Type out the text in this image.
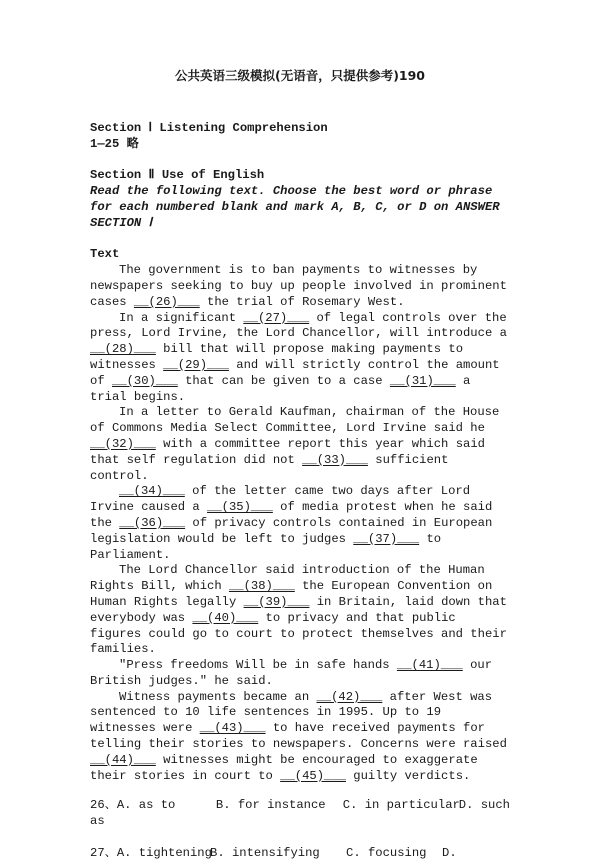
公共英语三级模拟(无语音，只提供参考)190

Section Ⅰ Listening Comprehension

1—25 略

Section Ⅱ Use of English

Read the following text. Choose the best word or phrase for each numbered blank and mark A, B, C, or D on ANSWER SECTION Ⅰ

Text

The government is to ban payments to witnesses by newspapers seeking to buy up people involved in prominent cases __(26)___ the trial of Rosemary West.

In a significant __(27)___ of legal controls over the press, Lord Irvine, the Lord Chancellor, will introduce a __(28)___ bill that will propose making payments to witnesses __(29)___ and will strictly control the amount of __(30)___ that can be given to a case __(31)___ a trial begins.

In a letter to Gerald Kaufman, chairman of the House of Commons Media Select Committee, Lord Irvine said he __(32)___ with a committee report this year which said that self regulation did not __(33)___ sufficient control.

__(34)___ of the letter came two days after Lord Irvine caused a __(35)___ of media protest when he said the __(36)___ of privacy controls contained in European legislation would be left to judges __(37)___ to Parliament.

The Lord Chancellor said introduction of the Human Rights Bill, which __(38)___ the European Convention on Human Rights legally __(39)___ in Britain, laid down that everybody was __(40)___ to privacy and that public figures could go to court to protect themselves and their families.

"Press freedoms Will be in safe hands __(41)___ our British judges." he said.

Witness payments became an __(42)___ after West was sentenced to 10 life sentences in 1995. Up to 19 witnesses were __(43)___ to have received payments for telling their stories to newspapers. Concerns were raised __(44)___ witnesses might be encouraged to exaggerate their stories in court to __(45)___ guilty verdicts.

26、A. as to	B. for instance	C. in particular
D. such
as
27、A. tightening
B. intensifying	C. focusing	D.
